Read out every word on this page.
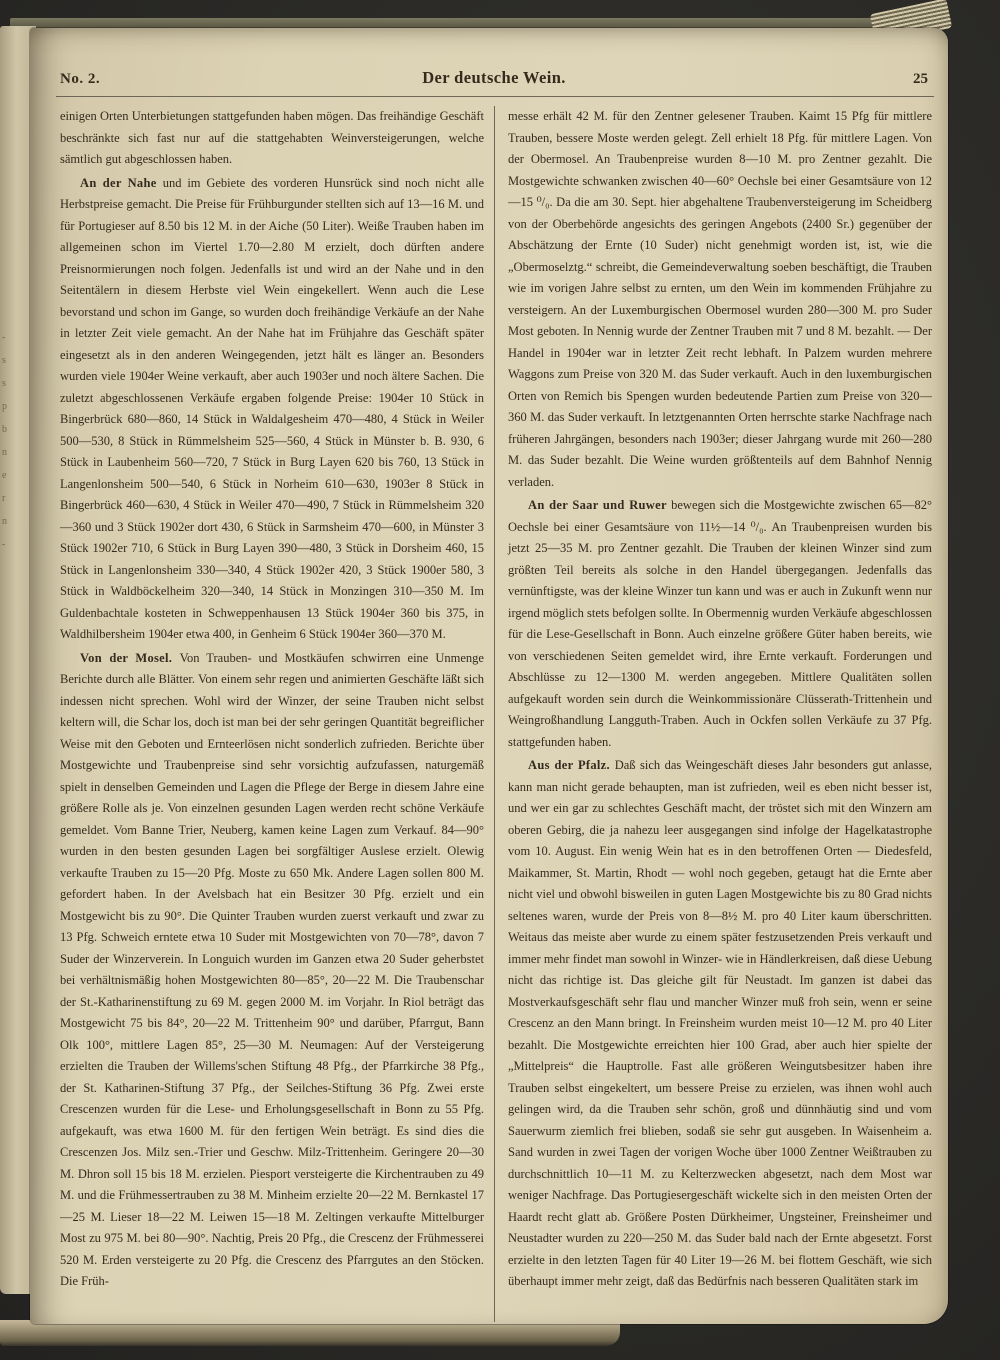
-
s
s
p
b
n
e
r
n
-
No. 2.	Der deutsche Wein.	25

einigen Orten Unterbietungen stattgefunden haben mögen. Das freihändige Geschäft beschränkte sich fast nur auf die stattgehabten Weinversteigerungen, welche sämtlich gut abgeschlossen haben.

An der Nahe und im Gebiete des vorderen Hunsrück sind noch nicht alle Herbstpreise gemacht. Die Preise für Frühburgunder stellten sich auf 13—16 M. und für Portugieser auf 8.50 bis 12 M. in der Aiche (50 Liter). Weiße Trauben haben im allgemeinen schon im Viertel 1.70—2.80 M erzielt, doch dürften andere Preisnormierungen noch folgen. Jedenfalls ist und wird an der Nahe und in den Seitentälern in diesem Herbste viel Wein eingekellert. Wenn auch die Lese bevorstand und schon im Gange, so wurden doch freihändige Verkäufe an der Nahe in letzter Zeit viele gemacht. An der Nahe hat im Frühjahre das Geschäft später eingesetzt als in den anderen Weingegenden, jetzt hält es länger an. Besonders wurden viele 1904er Weine verkauft, aber auch 1903er und noch ältere Sachen. Die zuletzt abgeschlossenen Verkäufe ergaben folgende Preise: 1904er 10 Stück in Bingerbrück 680—860, 14 Stück in Waldalgesheim 470—480, 4 Stück in Weiler 500—530, 8 Stück in Rümmelsheim 525—560, 4 Stück in Münster b. B. 930, 6 Stück in Laubenheim 560—720, 7 Stück in Burg Layen 620 bis 760, 13 Stück in Langenlonsheim 500—540, 6 Stück in Norheim 610—630, 1903er 8 Stück in Bingerbrück 460—630, 4 Stück in Weiler 470—490, 7 Stück in Rümmelsheim 320—360 und 3 Stück 1902er dort 430, 6 Stück in Sarmsheim 470—600, in Münster 3 Stück 1902er 710, 6 Stück in Burg Layen 390—480, 3 Stück in Dorsheim 460, 15 Stück in Langenlonsheim 330—340, 4 Stück 1902er 420, 3 Stück 1900er 580, 3 Stück in Waldböckelheim 320—340, 14 Stück in Monzingen 310—350 M. Im Guldenbachtale kosteten in Schweppenhausen 13 Stück 1904er 360 bis 375, in Waldhilbersheim 1904er etwa 400, in Genheim 6 Stück 1904er 360—370 M.

Von der Mosel. Von Trauben- und Mostkäufen schwirren eine Unmenge Berichte durch alle Blätter. Von einem sehr regen und animierten Geschäfte läßt sich indessen nicht sprechen. Wohl wird der Winzer, der seine Trauben nicht selbst keltern will, die Schar los, doch ist man bei der sehr geringen Quantität begreiflicher Weise mit den Geboten und Ernteerlösen nicht sonderlich zufrieden. Berichte über Mostgewichte und Traubenpreise sind sehr vorsichtig aufzufassen, naturgemäß spielt in denselben Gemeinden und Lagen die Pflege der Berge in diesem Jahre eine größere Rolle als je. Von einzelnen gesunden Lagen werden recht schöne Verkäufe gemeldet. Vom Banne Trier, Neuberg, kamen keine Lagen zum Verkauf. 84—90° wurden in den besten gesunden Lagen bei sorgfältiger Auslese erzielt. Olewig verkaufte Trauben zu 15—20 Pfg. Moste zu 650 Mk. Andere Lagen sollen 800 M. gefordert haben. In der Avelsbach hat ein Besitzer 30 Pfg. erzielt und ein Mostgewicht bis zu 90°. Die Quinter Trauben wurden zuerst verkauft und zwar zu 13 Pfg. Schweich erntete etwa 10 Suder mit Mostgewichten von 70—78°, davon 7 Suder der Winzerverein. In Longuich wurden im Ganzen etwa 20 Suder geherbstet bei verhältnismäßig hohen Mostgewichten 80—85°, 20—22 M. Die Traubenschar der St.-Katharinenstiftung zu 69 M. gegen 2000 M. im Vorjahr. In Riol beträgt das Mostgewicht 75 bis 84°, 20—22 M. Trittenheim 90° und darüber, Pfarrgut, Bann Olk 100°, mittlere Lagen 85°, 25—30 M. Neumagen: Auf der Versteigerung erzielten die Trauben der Willems'schen Stiftung 48 Pfg., der Pfarrkirche 38 Pfg., der St. Katharinen-Stiftung 37 Pfg., der Seilches-Stiftung 36 Pfg. Zwei erste Crescenzen wurden für die Lese- und Erholungsgesellschaft in Bonn zu 55 Pfg. aufgekauft, was etwa 1600 M. für den fertigen Wein beträgt. Es sind dies die Crescenzen Jos. Milz sen.-Trier und Geschw. Milz-Trittenheim. Geringere 20—30 M. Dhron soll 15 bis 18 M. erzielen. Piesport versteigerte die Kirchentrauben zu 49 M. und die Frühmessertrauben zu 38 M. Minheim erzielte 20—22 M. Bernkastel 17—25 M. Lieser 18—22 M. Leiwen 15—18 M. Zeltingen verkaufte Mittelburger Most zu 975 M. bei 80—90°. Nachtig, Preis 20 Pfg., die Crescenz der Frühmesserei 520 M. Erden versteigerte zu 20 Pfg. die Crescenz des Pfarrgutes an den Stöcken. Die Früh-

messe erhält 42 M. für den Zentner gelesener Trauben. Kaimt 15 Pfg für mittlere Trauben, bessere Moste werden gelegt. Zell erhielt 18 Pfg. für mittlere Lagen. Von der Obermosel. An Traubenpreise wurden 8—10 M. pro Zentner gezahlt. Die Mostgewichte schwanken zwischen 40—60° Oechsle bei einer Gesamtsäure von 12—15 ⁰/₀. Da die am 30. Sept. hier abgehaltene Traubenversteigerung im Scheidberg von der Oberbehörde angesichts des geringen Angebots (2400 Sr.) gegenüber der Abschätzung der Ernte (10 Suder) nicht genehmigt worden ist, ist, wie die „Obermoselztg.“ schreibt, die Gemeindeverwaltung soeben beschäftigt, die Trauben wie im vorigen Jahre selbst zu ernten, um den Wein im kommenden Frühjahre zu versteigern. An der Luxemburgischen Obermosel wurden 280—300 M. pro Suder Most geboten. In Nennig wurde der Zentner Trauben mit 7 und 8 M. bezahlt. — Der Handel in 1904er war in letzter Zeit recht lebhaft. In Palzem wurden mehrere Waggons zum Preise von 320 M. das Suder verkauft. Auch in den luxemburgischen Orten von Remich bis Spengen wurden bedeutende Partien zum Preise von 320—360 M. das Suder verkauft. In letztgenannten Orten herrschte starke Nachfrage nach früheren Jahrgängen, besonders nach 1903er; dieser Jahrgang wurde mit 260—280 M. das Suder bezahlt. Die Weine wurden größtenteils auf dem Bahnhof Nennig verladen.

An der Saar und Ruwer bewegen sich die Mostgewichte zwischen 65—82° Oechsle bei einer Gesamtsäure von 11½—14 ⁰/₀. An Traubenpreisen wurden bis jetzt 25—35 M. pro Zentner gezahlt. Die Trauben der kleinen Winzer sind zum größten Teil bereits als solche in den Handel übergegangen. Jedenfalls das vernünftigste, was der kleine Winzer tun kann und was er auch in Zukunft wenn nur irgend möglich stets befolgen sollte. In Obermennig wurden Verkäufe abgeschlossen für die Lese-Gesellschaft in Bonn. Auch einzelne größere Güter haben bereits, wie von verschiedenen Seiten gemeldet wird, ihre Ernte verkauft. Forderungen und Abschlüsse zu 12—1300 M. werden angegeben. Mittlere Qualitäten sollen aufgekauft worden sein durch die Weinkommissionäre Clüsserath-Trittenhein und Weingroßhandlung Langguth-Traben. Auch in Ockfen sollen Verkäufe zu 37 Pfg. stattgefunden haben.

Aus der Pfalz. Daß sich das Weingeschäft dieses Jahr besonders gut anlasse, kann man nicht gerade behaupten, man ist zufrieden, weil es eben nicht besser ist, und wer ein gar zu schlechtes Geschäft macht, der tröstet sich mit den Winzern am oberen Gebirg, die ja nahezu leer ausgegangen sind infolge der Hagelkatastrophe vom 10. August. Ein wenig Wein hat es in den betroffenen Orten — Diedesfeld, Maikammer, St. Martin, Rhodt — wohl noch gegeben, getaugt hat die Ernte aber nicht viel und obwohl bisweilen in guten Lagen Mostgewichte bis zu 80 Grad nichts seltenes waren, wurde der Preis von 8—8½ M. pro 40 Liter kaum überschritten. Weitaus das meiste aber wurde zu einem später festzusetzenden Preis verkauft und immer mehr findet man sowohl in Winzer- wie in Händlerkreisen, daß diese Uebung nicht das richtige ist. Das gleiche gilt für Neustadt. Im ganzen ist dabei das Mostverkaufsgeschäft sehr flau und mancher Winzer muß froh sein, wenn er seine Crescenz an den Mann bringt. In Freinsheim wurden meist 10—12 M. pro 40 Liter bezahlt. Die Mostgewichte erreichten hier 100 Grad, aber auch hier spielte der „Mittelpreis“ die Hauptrolle. Fast alle größeren Weingutsbesitzer haben ihre Trauben selbst eingekeltert, um bessere Preise zu erzielen, was ihnen wohl auch gelingen wird, da die Trauben sehr schön, groß und dünnhäutig sind und vom Sauerwurm ziemlich frei blieben, sodaß sie sehr gut ausgeben. In Waisenheim a. Sand wurden in zwei Tagen der vorigen Woche über 1000 Zentner Weißtrauben zu durchschnittlich 10—11 M. zu Kelterzwecken abgesetzt, nach dem Most war weniger Nachfrage. Das Portugiesergeschäft wickelte sich in den meisten Orten der Haardt recht glatt ab. Größere Posten Dürkheimer, Ungsteiner, Freinsheimer und Neustadter wurden zu 220—250 M. das Suder bald nach der Ernte abgesetzt. Forst erzielte in den letzten Tagen für 40 Liter 19—26 M. bei flottem Geschäft, wie sich überhaupt immer mehr zeigt, daß das Bedürfnis nach besseren Qualitäten stark im
